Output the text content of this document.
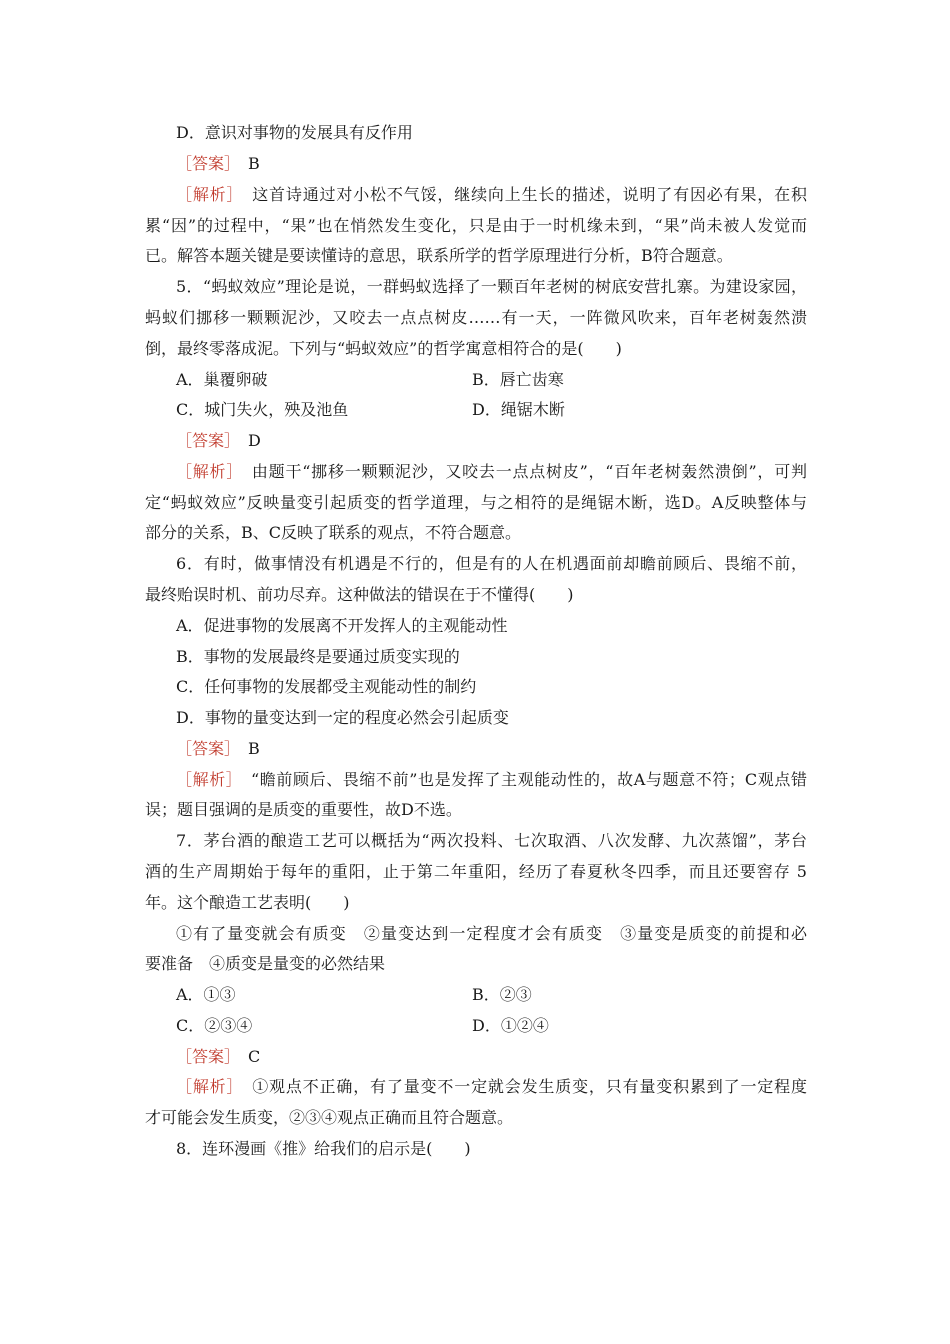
D．意识对事物的发展具有反作用
［答案］　 B
［解析］　 这首诗通过对小松不气馁，继续向上生长的描述，说明了有因必有果，在积
累“因”的过程中，“果”也在悄然发生变化，只是由于一时机缘未到，“果”尚未被人发觉而
已。解答本题关键是要读懂诗的意思，联系所学的哲学原理进行分析，B符合题意。
5．“蚂蚁效应”理论是说，一群蚂蚁选择了一颗百年老树的树底安营扎寨。为建设家园，
蚂蚁们挪移一颗颗泥沙，又咬去一点点树皮……有一天，一阵微风吹来，百年老树轰然溃
倒，最终零落成泥。下列与“蚂蚁效应”的哲学寓意相符合的是(　　)
A．巢覆卵破	B．唇亡齿寒
C．城门失火，殃及池鱼	D．绳锯木断
［答案］　 D
［解析］　 由题干“挪移一颗颗泥沙，又咬去一点点树皮”，“百年老树轰然溃倒”，可判
定“蚂蚁效应”反映量变引起质变的哲学道理，与之相符的是绳锯木断，选D。A反映整体与
部分的关系，B、C反映了联系的观点，不符合题意。
6．有时，做事情没有机遇是不行的，但是有的人在机遇面前却瞻前顾后、畏缩不前，
最终贻误时机、前功尽弃。这种做法的错误在于不懂得(　　)
A．促进事物的发展离不开发挥人的主观能动性
B．事物的发展最终是要通过质变实现的
C．任何事物的发展都受主观能动性的制约
D．事物的量变达到一定的程度必然会引起质变
［答案］　 B
［解析］　 “瞻前顾后、畏缩不前”也是发挥了主观能动性的，故A与题意不符；C观点错
误；题目强调的是质变的重要性，故D不选。
7．茅台酒的酿造工艺可以概括为“两次投料、七次取酒、八次发酵、九次蒸馏”，茅台
酒的生产周期始于每年的重阳，止于第二年重阳，经历了春夏秋冬四季，而且还要窖存 5
年。这个酿造工艺表明(　　)
①有了量变就会有质变　②量变达到一定程度才会有质变　③量变是质变的前提和必
要准备　④质变是量变的必然结果
A．①③	B．②③
C．②③④	D．①②④
［答案］　 C
［解析］　 ①观点不正确，有了量变不一定就会发生质变，只有量变积累到了一定程度
才可能会发生质变，②③④观点正确而且符合题意。
8．连环漫画《推》给我们的启示是(　　)
